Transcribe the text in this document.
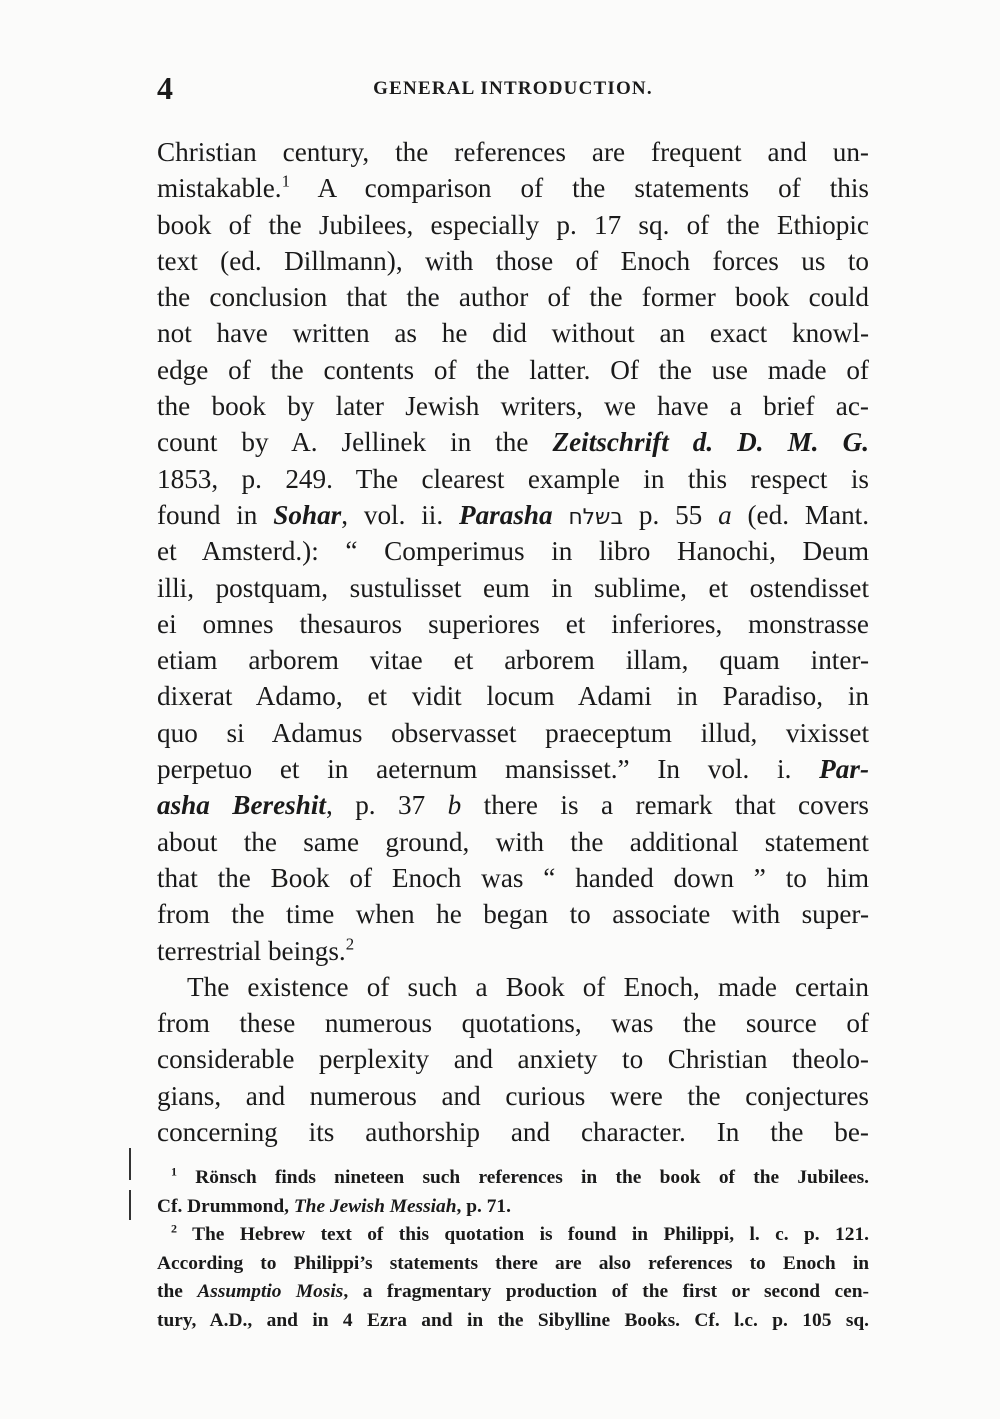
4	GENERAL INTRODUCTION.
Christian century, the references are frequent and un-
mistakable.$^1$ A comparison of the statements of this
book of the Jubilees, especially p. 17 sq. of the Ethiopic
text (ed. Dillmann), with those of Enoch forces us to
the conclusion that the author of the former book could
not have written as he did without an exact knowl-
edge of the contents of the latter. Of the use made of
the book by later Jewish writers, we have a brief ac-
count by A. Jellinek in the Zeitschrift d. D. M. G.
1853, p. 249. The clearest example in this respect is
found in Sohar, vol. ii. Parasha בשלח p. 55 a (ed. Mant.
et Amsterd.): “ Comperimus in libro Hanochi, Deum
illi, postquam, sustulisset eum in sublime, et ostendisset
ei omnes thesauros superiores et inferiores, monstrasse
etiam arborem vitae et arborem illam, quam inter-
dixerat Adamo, et vidit locum Adami in Paradiso, in
quo si Adamus observasset praeceptum illud, vixisset
perpetuo et in aeternum mansisset.” In vol. i. Par-
asha Bereshit, p. 37 b there is a remark that covers
about the same ground, with the additional statement
that the Book of Enoch was “ handed down ” to him
from the time when he began to associate with super-
terrestrial beings.$^2$
The existence of such a Book of Enoch, made certain
from these numerous quotations, was the source of
considerable perplexity and anxiety to Christian theolo-
gians, and numerous and curious were the conjectures
concerning its authorship and character. In the be-
$^1$ Rönsch finds nineteen such references in the book of the Jubilees.
Cf. Drummond, The Jewish Messiah, p. 71.
$^2$ The Hebrew text of this quotation is found in Philippi, l. c. p. 121.
According to Philippi’s statements there are also references to Enoch in
the Assumptio Mosis, a fragmentary production of the first or second cen-
tury, A.D., and in 4 Ezra and in the Sibylline Books. Cf. l.c. p. 105 sq.
